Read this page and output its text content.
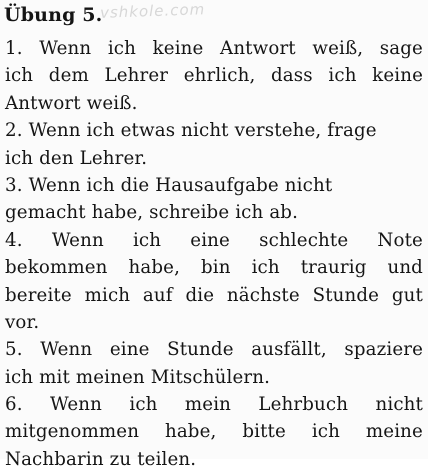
Übung 5.
vshkole.com
1. Wenn ich keine Antwort weiß, sage
ich dem Lehrer ehrlich, dass ich keine
Antwort weiß.
2. Wenn ich etwas nicht verstehe, frage
ich den Lehrer.
3. Wenn ich die Hausaufgabe nicht
gemacht habe, schreibe ich ab.
4. Wenn ich eine schlechte Note
bekommen habe, bin ich traurig und
bereite mich auf die nächste Stunde gut
vor.
5. Wenn eine Stunde ausfällt, spaziere
ich mit meinen Mitschülern.
6. Wenn ich mein Lehrbuch nicht
mitgenommen habe, bitte ich meine
Nachbarin zu teilen.
